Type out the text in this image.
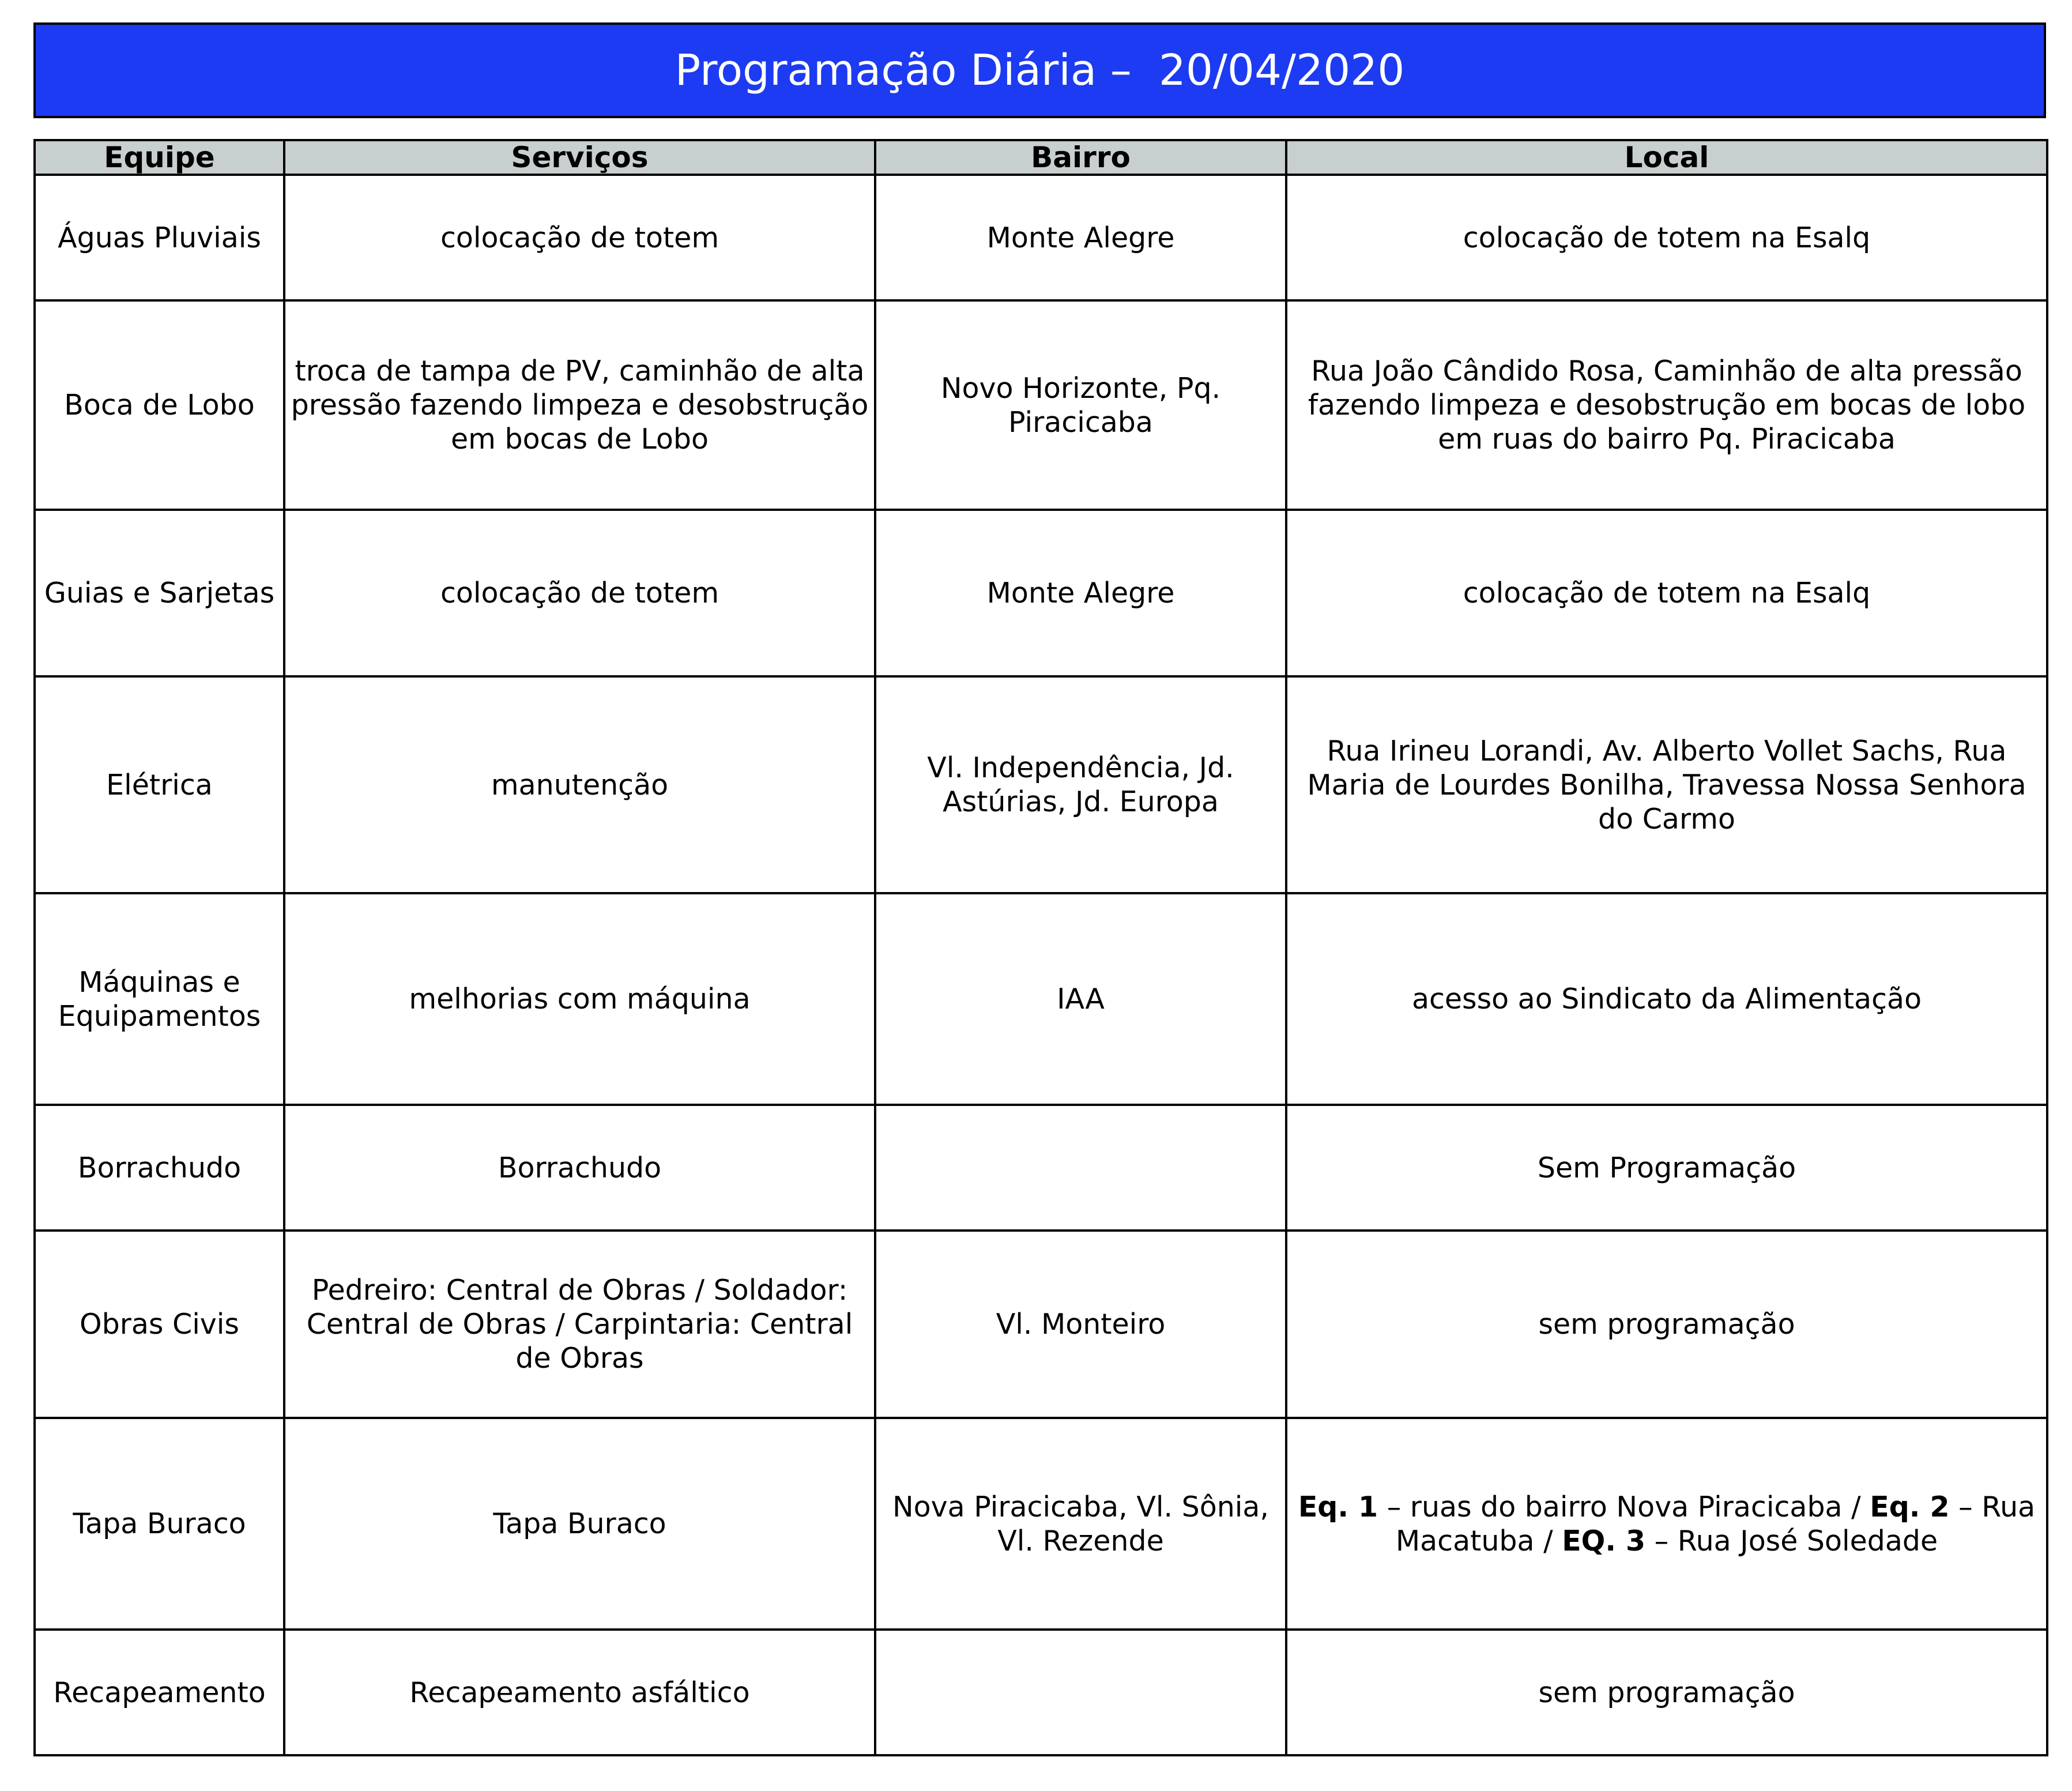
Programação Diária –  20/04/2020
Equipe	Serviços	Bairro	Local
Águas Pluviais	colocação de totem	Monte Alegre	colocação de totem na Esalq
Boca de Lobo	troca de tampa de PV, caminhão de alta pressão fazendo limpeza e desobstrução em bocas de Lobo	Novo Horizonte, Pq. Piracicaba	Rua João Cândido Rosa, Caminhão de alta pressão fazendo limpeza e desobstrução em bocas de lobo em ruas do bairro Pq. Piracicaba
Guias e Sarjetas	colocação de totem	Monte Alegre	colocação de totem na Esalq
Elétrica	manutenção	Vl. Independência, Jd. Astúrias, Jd. Europa	Rua Irineu Lorandi, Av. Alberto Vollet Sachs, Rua Maria de Lourdes Bonilha, Travessa Nossa Senhora do Carmo
Máquinas e Equipamentos	melhorias com máquina	IAA	acesso ao Sindicato da Alimentação
Borrachudo	Borrachudo		Sem Programação
Obras Civis	Pedreiro: Central de Obras / Soldador: Central de Obras / Carpintaria: Central de Obras	Vl. Monteiro	sem programação
Tapa Buraco	Tapa Buraco	Nova Piracicaba, Vl. Sônia, Vl. Rezende	Eq. 1 – ruas do bairro Nova Piracicaba / Eq. 2 – Rua Macatuba / EQ. 3 – Rua José Soledade
Recapeamento	Recapeamento asfáltico		sem programação
